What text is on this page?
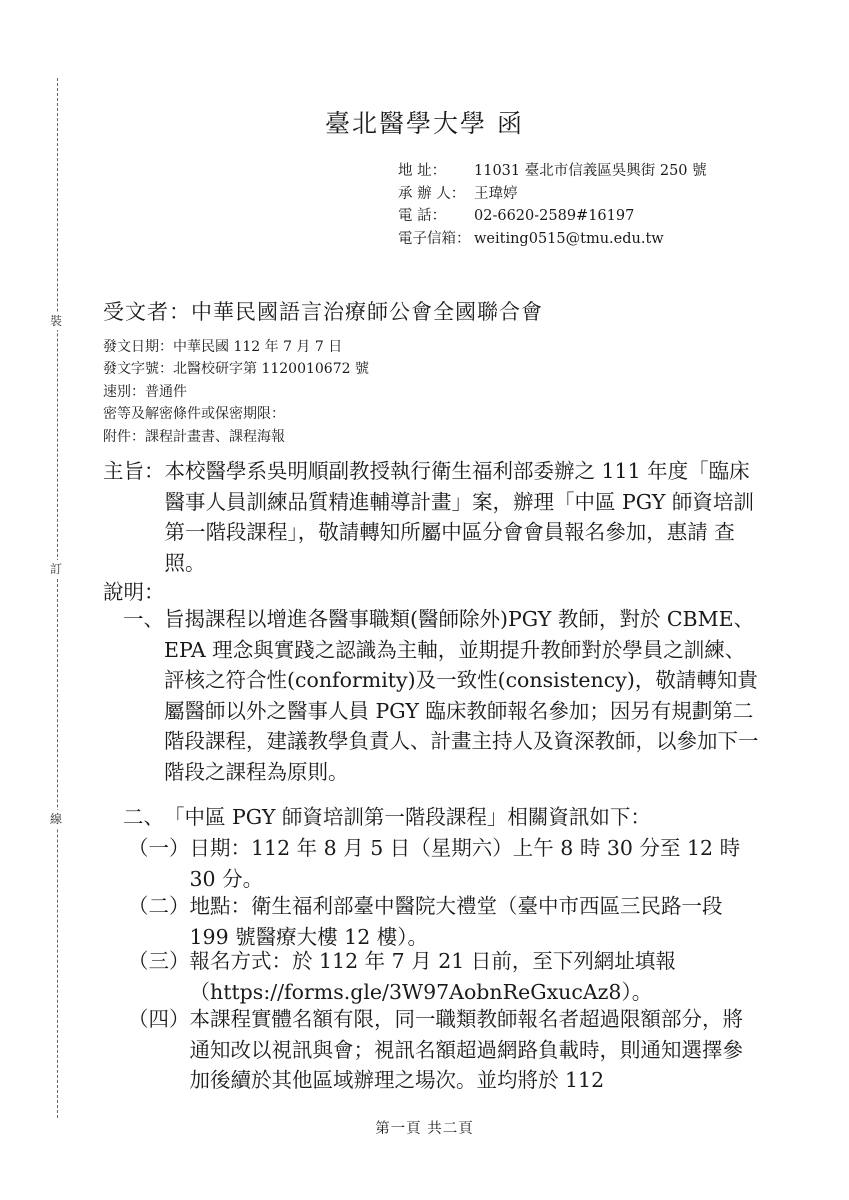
裝
訂
線
臺北醫學大學 函
地 址：	11031 臺北市信義區吳興街 250 號
承 辦 人： 王瑋婷
電 話：	02-6620-2589#16197
電子信箱： weiting0515@tmu.edu.tw
受文者：中華民國語言治療師公會全國聯合會
發文日期：中華民國 112 年 7 月 7 日
發文字號：北醫校研字第 1120010672 號
速別：普通件
密等及解密條件或保密期限：
附件：課程計畫書、課程海報
主旨： 本校醫學系吳明順副教授執行衛生福利部委辦之 111 年度「臨床醫事人員訓練品質精進輔導計畫」案，辦理「中區 PGY 師資培訓第一階段課程」，敬請轉知所屬中區分會會員報名參加，惠請 查照。
說明：
一、 旨揭課程以增進各醫事職類(醫師除外)PGY 教師，對於 CBME、EPA 理念與實踐之認識為主軸，並期提升教師對於學員之訓練、評核之符合性(conformity)及一致性(consistency)，敬請轉知貴屬醫師以外之醫事人員 PGY 臨床教師報名參加；因另有規劃第二階段課程，建議教學負責人、計畫主持人及資深教師，以參加下一階段之課程為原則。
二、 「中區 PGY 師資培訓第一階段課程」相關資訊如下：
（一） 日期：112 年 8 月 5 日（星期六）上午 8 時 30 分至 12 時 30 分。
（二） 地點：衛生福利部臺中醫院大禮堂（臺中市西區三民路一段 199 號醫療大樓 12 樓）。
（三） 報名方式：於 112 年 7 月 21 日前，至下列網址填報（https://forms.gle/3W97AobnReGxucAz8）。
（四） 本課程實體名額有限，同一職類教師報名者超過限額部分，將通知改以視訊與會；視訊名額超過網路負載時，則通知選擇參加後續於其他區域辦理之場次。並均將於 112
第一頁 共二頁
